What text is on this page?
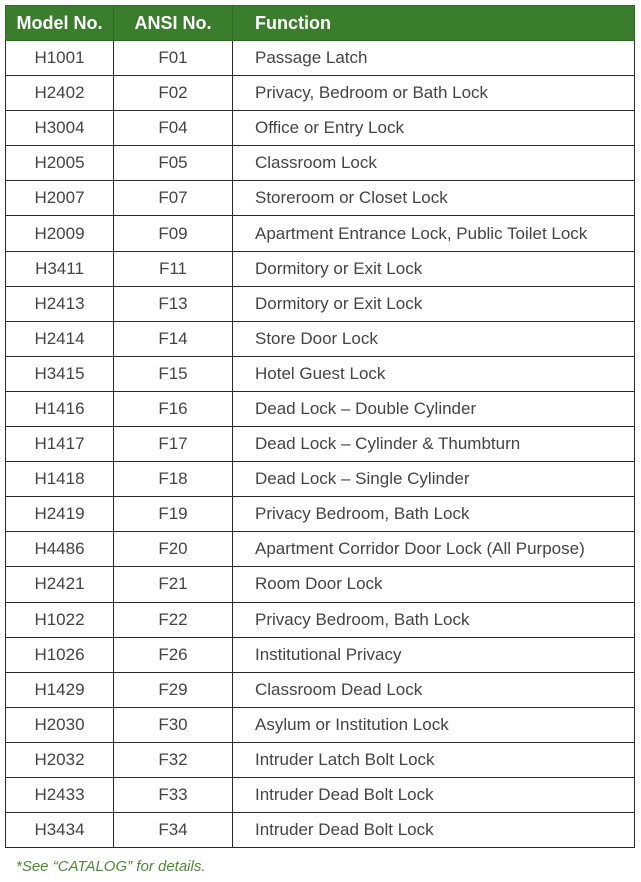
Model No.	ANSI No.	Function
H1001	F01	Passage Latch
H2402	F02	Privacy, Bedroom or Bath Lock
H3004	F04	Office or Entry Lock
H2005	F05	Classroom Lock
H2007	F07	Storeroom or Closet Lock
H2009	F09	Apartment Entrance Lock, Public Toilet Lock
H3411	F11	Dormitory or Exit Lock
H2413	F13	Dormitory or Exit Lock
H2414	F14	Store Door Lock
H3415	F15	Hotel Guest Lock
H1416	F16	Dead Lock – Double Cylinder
H1417	F17	Dead Lock – Cylinder & Thumbturn
H1418	F18	Dead Lock – Single Cylinder
H2419	F19	Privacy Bedroom, Bath Lock
H4486	F20	Apartment Corridor Door Lock (All Purpose)
H2421	F21	Room Door Lock
H1022	F22	Privacy Bedroom, Bath Lock
H1026	F26	Institutional Privacy
H1429	F29	Classroom Dead Lock
H2030	F30	Asylum or Institution Lock
H2032	F32	Intruder Latch Bolt Lock
H2433	F33	Intruder Dead Bolt Lock
H3434	F34	Intruder Dead Bolt Lock
*See “CATALOG” for details.
